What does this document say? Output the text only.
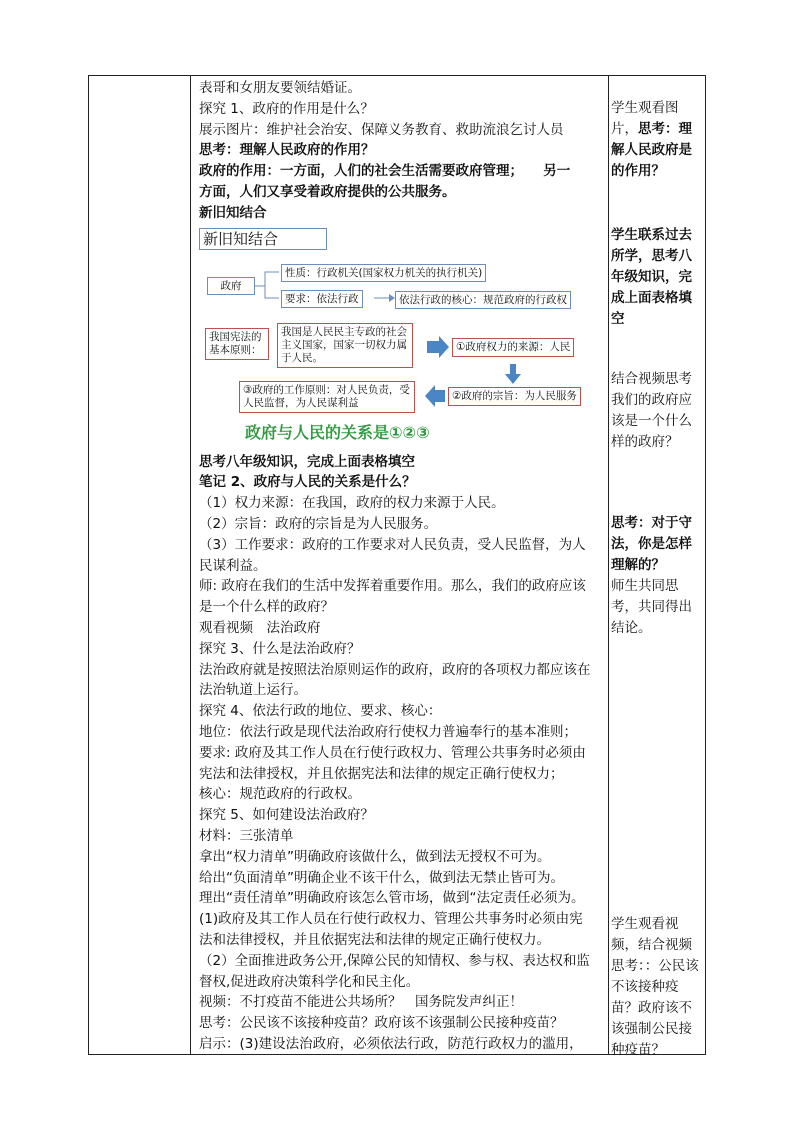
表哥和女朋友要领结婚证。
探究 1、政府的作用是什么？
展示图片：维护社会治安、保障义务教育、救助流浪乞讨人员
思考：理解人民政府的作用？
政府的作用：一方面，人们的社会生活需要政府管理；　　另一
方面，人们又享受着政府提供的公共服务。
新旧知结合
新旧知结合
政府
性质：行政机关(国家权力机关的执行机关)
要求：依法行政	依法行政的核心：规范政府的行政权
我国宪法的基本原则：
我国是人民民主专政的社会主义国家，国家一切权力属于人民。
①政府权力的来源：人民
②政府的宗旨：为人民服务
③政府的工作原则：对人民负责，受人民监督，为人民谋利益
政府与人民的关系是①②③
思考八年级知识，完成上面表格填空
笔记 2、政府与人民的关系是什么？
（1）权力来源：在我国，政府的权力来源于人民。
（2）宗旨：政府的宗旨是为人民服务。
（3）工作要求：政府的工作要求对人民负责，受人民监督，为人
民谋利益。
师: 政府在我们的生活中发挥着重要作用。那么，我们的政府应该
是一个什么样的政府？
观看视频　法治政府
探究 3、什么是法治政府？
法治政府就是按照法治原则运作的政府，政府的各项权力都应该在
法治轨道上运行。
探究 4、依法行政的地位、要求、核心：
地位：依法行政是现代法治政府行使权力普遍奉行的基本准则；
要求: 政府及其工作人员在行使行政权力、管理公共事务时必须由
宪法和法律授权，并且依据宪法和法律的规定正确行使权力；
核心：规范政府的行政权。
探究 5、如何建设法治政府？
材料：三张清单
拿出“权力清单”明确政府该做什么，做到法无授权不可为。
给出“负面清单”明确企业不该干什么，做到法无禁止皆可为。
理出“责任清单”明确政府该怎么管市场，做到“法定责任必须为。
(1)政府及其工作人员在行使行政权力、管理公共事务时必须由宪
法和法律授权，并且依据宪法和法律的规定正确行使权力。
（2）全面推进政务公开,保障公民的知情权、参与权、表达权和监
督权,促进政府决策科学化和民主化。
视频：不打疫苗不能进公共场所？　国务院发声纠正！
思考：公民该不该接种疫苗？政府该不该强制公民接种疫苗？
启示：(3)建设法治政府，必须依法行政，防范行政权力的滥用，
学生观看图片，思考：理解人民政府是的作用？
学生联系过去所学，思考八年级知识，完成上面表格填空
结合视频思考我们的政府应该是一个什么样的政府？
思考：对于守法，你是怎样理解的？
师生共同思考，共同得出结论。
学生观看视频，结合视频思考：：公民该不该接种疫苗？政府该不该强制公民接种疫苗？
